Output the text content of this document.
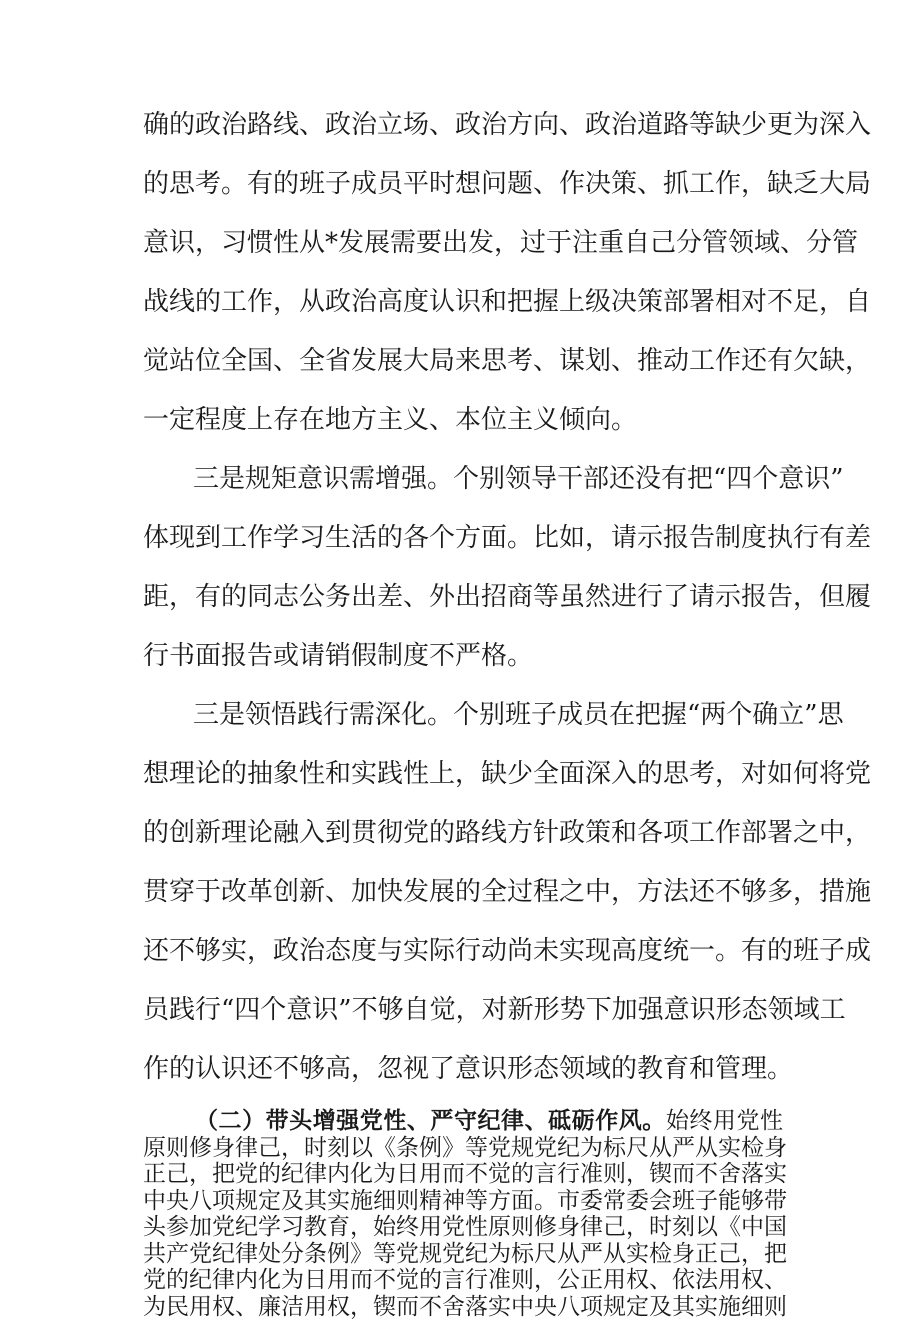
确的政治路线、政治立场、政治方向、政治道路等缺少更为深入
的思考。有的班子成员平时想问题、作决策、抓工作，缺乏大局
意识，习惯性从*发展需要出发，过于注重自己分管领域、分管
战线的工作，从政治高度认识和把握上级决策部署相对不足，自
觉站位全国、全省发展大局来思考、谋划、推动工作还有欠缺，
一定程度上存在地方主义、本位主义倾向。
三是规矩意识需增强。个别领导干部还没有把“四个意识”
体现到工作学习生活的各个方面。比如，请示报告制度执行有差
距，有的同志公务出差、外出招商等虽然进行了请示报告，但履
行书面报告或请销假制度不严格。
三是领悟践行需深化。个别班子成员在把握“两个确立”思
想理论的抽象性和实践性上，缺少全面深入的思考，对如何将党
的创新理论融入到贯彻党的路线方针政策和各项工作部署之中，
贯穿于改革创新、加快发展的全过程之中，方法还不够多，措施
还不够实，政治态度与实际行动尚未实现高度统一。有的班子成
员践行“四个意识”不够自觉，对新形势下加强意识形态领域工
作的认识还不够高，忽视了意识形态领域的教育和管理。
（二）带头增强党性、严守纪律、砥砺作风。始终用党性
原则修身律己，时刻以《条例》等党规党纪为标尺从严从实检身
正己，把党的纪律内化为日用而不觉的言行准则，锲而不舍落实
中央八项规定及其实施细则精神等方面。市委常委会班子能够带
头参加党纪学习教育，始终用党性原则修身律己，时刻以《中国
共产党纪律处分条例》等党规党纪为标尺从严从实检身正己，把
党的纪律内化为日用而不觉的言行准则，公正用权、依法用权、
为民用权、廉洁用权，锲而不舍落实中央八项规定及其实施细则
